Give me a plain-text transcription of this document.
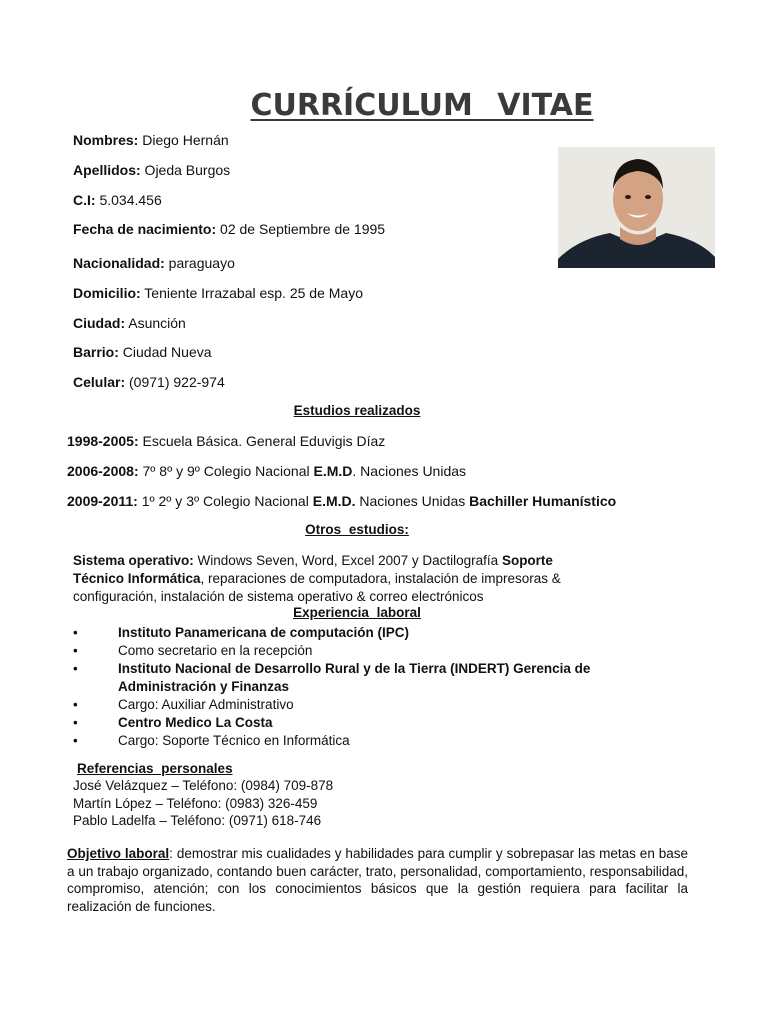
CURRÍCULUM VITAE
Nombres: Diego Hernán
Apellidos: Ojeda Burgos
C.I: 5.034.456
Fecha de nacimiento: 02 de Septiembre de 1995
Nacionalidad: paraguayo
Domicilio: Teniente Irrazabal esp. 25 de Mayo
Ciudad: Asunción
Barrio: Ciudad Nueva
Celular: (0971) 922-974
Estudios realizados
1998-2005: Escuela Básica. General Eduvigis Díaz
2006-2008: 7º 8º y 9º Colegio Nacional E.M.D. Naciones Unidas
2009-2011: 1º 2º y 3º Colegio Nacional E.M.D. Naciones Unidas Bachiller Humanístico
Otros estudios:
Sistema operativo: Windows Seven, Word, Excel 2007 y Dactilografía Soporte Técnico Informática, reparaciones de computadora, instalación de impresoras & configuración, instalación de sistema operativo & correo electrónicos
Experiencia laboral
•	Instituto Panamericana de computación (IPC)
•	Como secretario en la recepción
•	Instituto Nacional de Desarrollo Rural y de la Tierra (INDERT) Gerencia de Administración y Finanzas
•	Cargo: Auxiliar Administrativo
•	Centro Medico La Costa
•	Cargo: Soporte Técnico en Informática
Referencias personales
José Velázquez – Teléfono: (0984) 709-878
Martín López – Teléfono: (0983) 326-459
Pablo Ladelfa – Teléfono: (0971) 618-746
Objetivo laboral: demostrar mis cualidades y habilidades para cumplir y sobrepasar las metas en base a un trabajo organizado, contando buen carácter, trato, personalidad, comportamiento, responsabilidad, compromiso, atención; con los conocimientos básicos que la gestión requiera para facilitar la realización de funciones.
